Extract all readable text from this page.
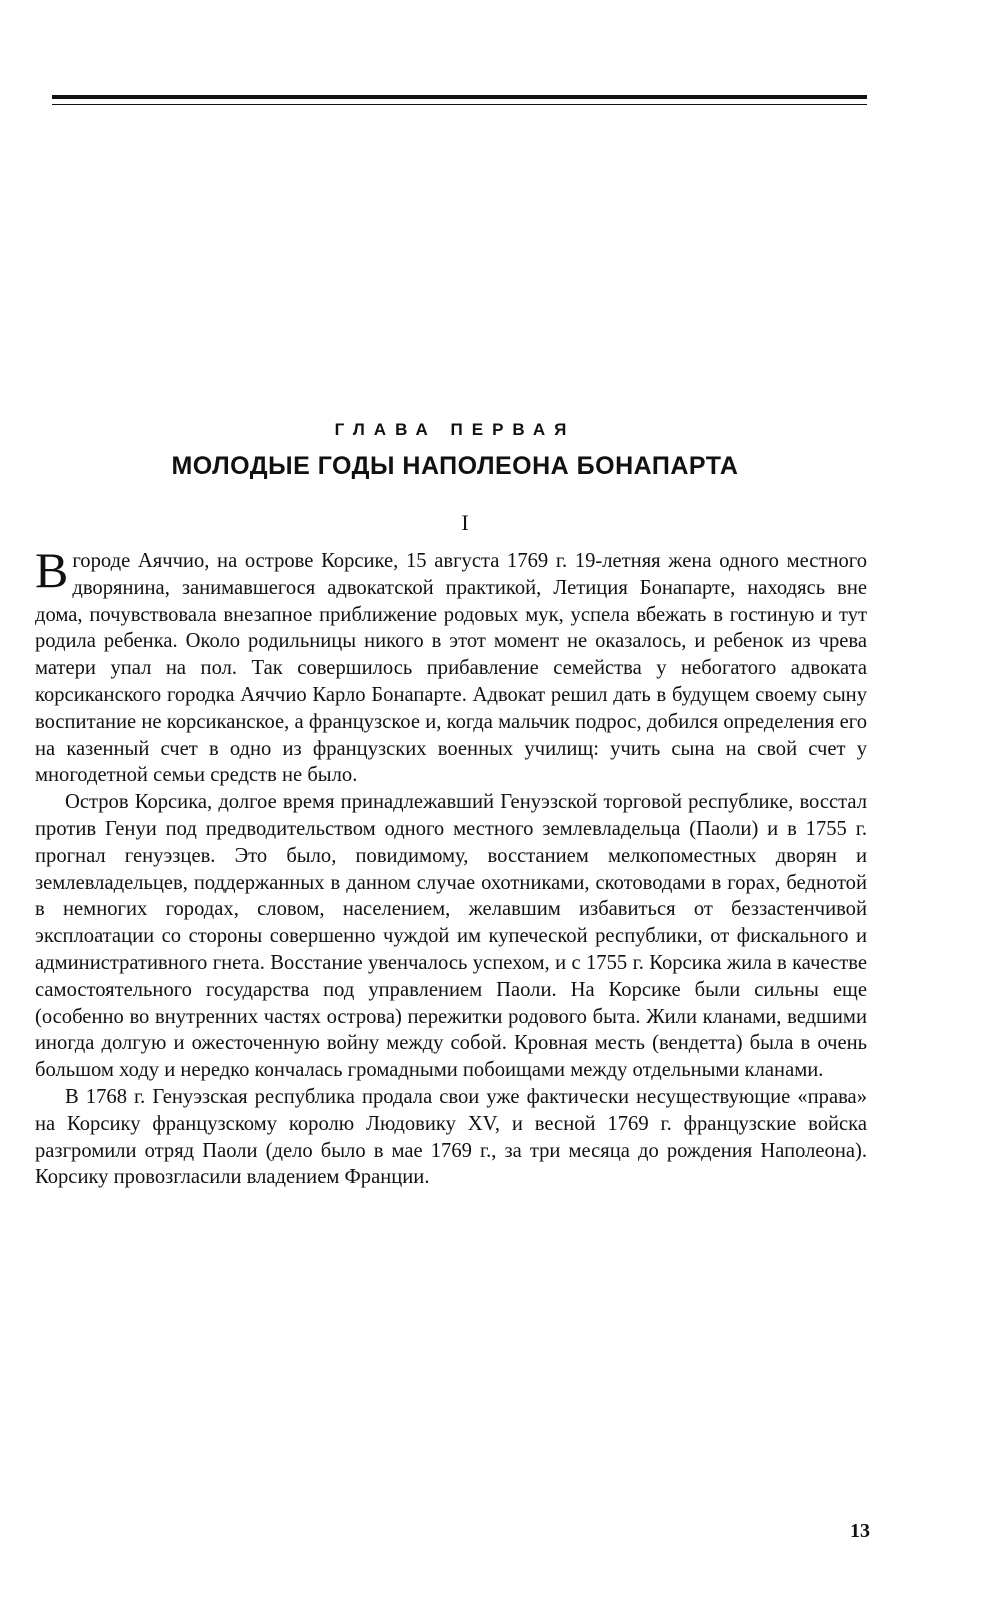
ГЛАВА ПЕРВАЯ
МОЛОДЫЕ ГОДЫ НАПОЛЕОНА БОНАПАРТА
I

Вгороде Аяччио, на острове Корсике, 15 августа 1769 г. 19-летняя жена одного местного дворянина, занимавшегося адвокатской практикой, Летиция Бонапарте, находясь вне дома, почувствовала внезапное приближение родовых мук, успела вбежать в гостиную и тут родила ребенка. Около родильницы никого в этот момент не оказалось, и ребенок из чрева матери упал на пол. Так совершилось прибавление семейства у небогатого адвоката корсиканского городка Аяччио Карло Бонапарте. Адвокат решил дать в будущем своему сыну воспитание не корсиканское, а французское и, когда мальчик подрос, добился определения его на казенный счет в одно из французских военных училищ: учить сына на свой счет у многодетной семьи средств не было.

Остров Корсика, долгое время принадлежавший Генуэзской торговой республике, восстал против Генуи под предводительством одного местного землевладельца (Паоли) и в 1755 г. прогнал генуэзцев. Это было, повидимому, восстанием мелкопоместных дворян и землевладельцев, поддержанных в данном случае охотниками, скотоводами в горах, беднотой в немногих городах, словом, населением, желавшим избавиться от беззастенчивой эксплоатации со стороны совершенно чуждой им купеческой республики, от фискального и административного гнета. Восстание увенчалось успехом, и с 1755 г. Корсика жила в качестве самостоятельного государства под управлением Паоли. На Корсике были сильны еще (особенно во внутренних частях острова) пережитки родового быта. Жили кланами, ведшими иногда долгую и ожесточенную войну между собой. Кровная месть (вендетта) была в очень большом ходу и нередко кончалась громадными побоищами между отдельными кланами.

В 1768 г. Генуэзская республика продала свои уже фактически несуществующие «права» на Корсику французскому королю Людовику XV, и весной 1769 г. французские войска разгромили отряд Паоли (дело было в мае 1769 г., за три месяца до рождения Наполеона). Корсику провозгласили владением Франции.

13
